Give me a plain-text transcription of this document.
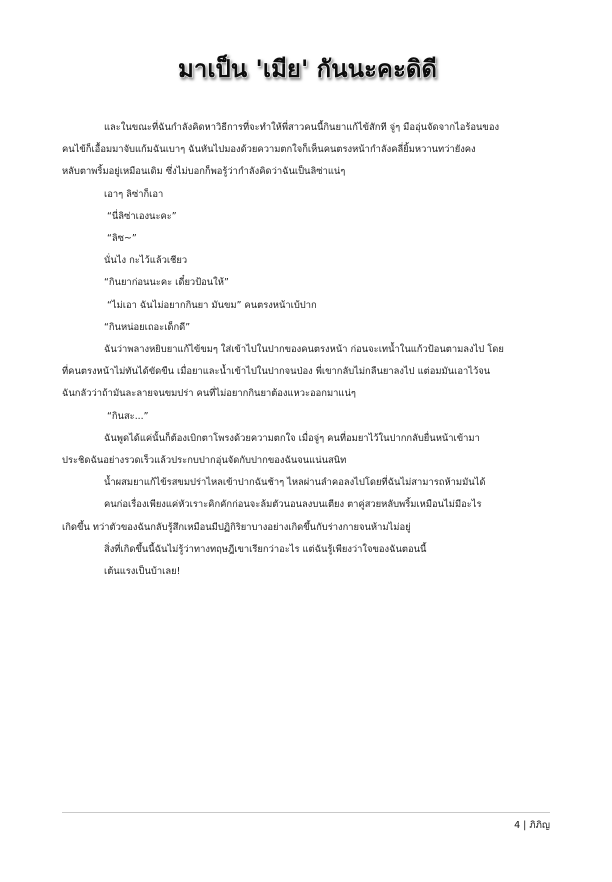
มาเป็น 'เมีย' กันนะคะดิดี

และในขณะที่ฉันกำลังคิดหาวิธีการที่จะทำให้พี่สาวคนนี้กินยาแก้ไข้สักที จู่ๆ มืออุ่นจัดจากไอร้อนของ

คนไข้ก็เอื้อมมาจับแก้มฉันเบาๆ ฉันหันไปมองด้วยความตกใจก็เห็นคนตรงหน้ากำลังคลี่ยิ้มหวานทว่ายังคง

หลับตาพริ้มอยู่เหมือนเดิม ซึ่งไม่บอกก็พอรู้ว่ากำลังคิดว่าฉันเป็นลิซ่าแน่ๆ

เอาๆ ลิซ่าก็เอา

“นี่ลิซ่าเองนะคะ”

“ลิซ~”

นั่นไง กะไว้แล้วเชียว

“กินยาก่อนนะคะ เดี๋ยวป้อนให้”

“ไม่เอา ฉันไม่อยากกินยา มันขม” คนตรงหน้าเบ้ปาก

“กินหน่อยเถอะเด็กดี”

ฉันว่าพลางหยิบยาแก้ไข้ขมๆ ใส่เข้าไปในปากของคนตรงหน้า ก่อนจะเทน้ำในแก้วป้อนตามลงไป โดย

ที่คนตรงหน้าไม่ทันได้ขัดขืน เมื่อยาและน้ำเข้าไปในปากจนป่อง พี่เขากลับไม่กลืนยาลงไป แต่อมมันเอาไว้จน

ฉันกลัวว่าถ้ามันละลายจนขมปร่า คนที่ไม่อยากกินยาต้องแหวะออกมาแน่ๆ

“กินสะ...”

ฉันพูดได้แค่นั้นก็ต้องเบิกตาโพรงด้วยความตกใจ เมื่อจู่ๆ คนที่อมยาไว้ในปากกลับยื่นหน้าเข้ามา

ประชิดฉันอย่างรวดเร็วแล้วประกบปากอุ่นจัดกับปากของฉันจนแน่นสนิท

น้ำผสมยาแก้ไข้รสขมปร่าไหลเข้าปากฉันช้าๆ ไหลผ่านลำคอลงไปโดยที่ฉันไม่สามารถห้ามมันได้

คนก่อเรื่องเพียงแค่หัวเราะคิกคักก่อนจะล้มตัวนอนลงบนเตียง ตาคู่สวยหลับพริ้มเหมือนไม่มีอะไร

เกิดขึ้น ทว่าตัวของฉันกลับรู้สึกเหมือนมีปฏิกิริยาบางอย่างเกิดขึ้นกับร่างกายจนห้ามไม่อยู่

สิ่งที่เกิดขึ้นนี้ฉันไม่รู้ว่าทางทฤษฎีเขาเรียกว่าอะไร แต่ฉันรู้เพียงว่าใจของฉันตอนนี้

เต้นแรงเป็นบ้าเลย!

4 | ภิภิญ
